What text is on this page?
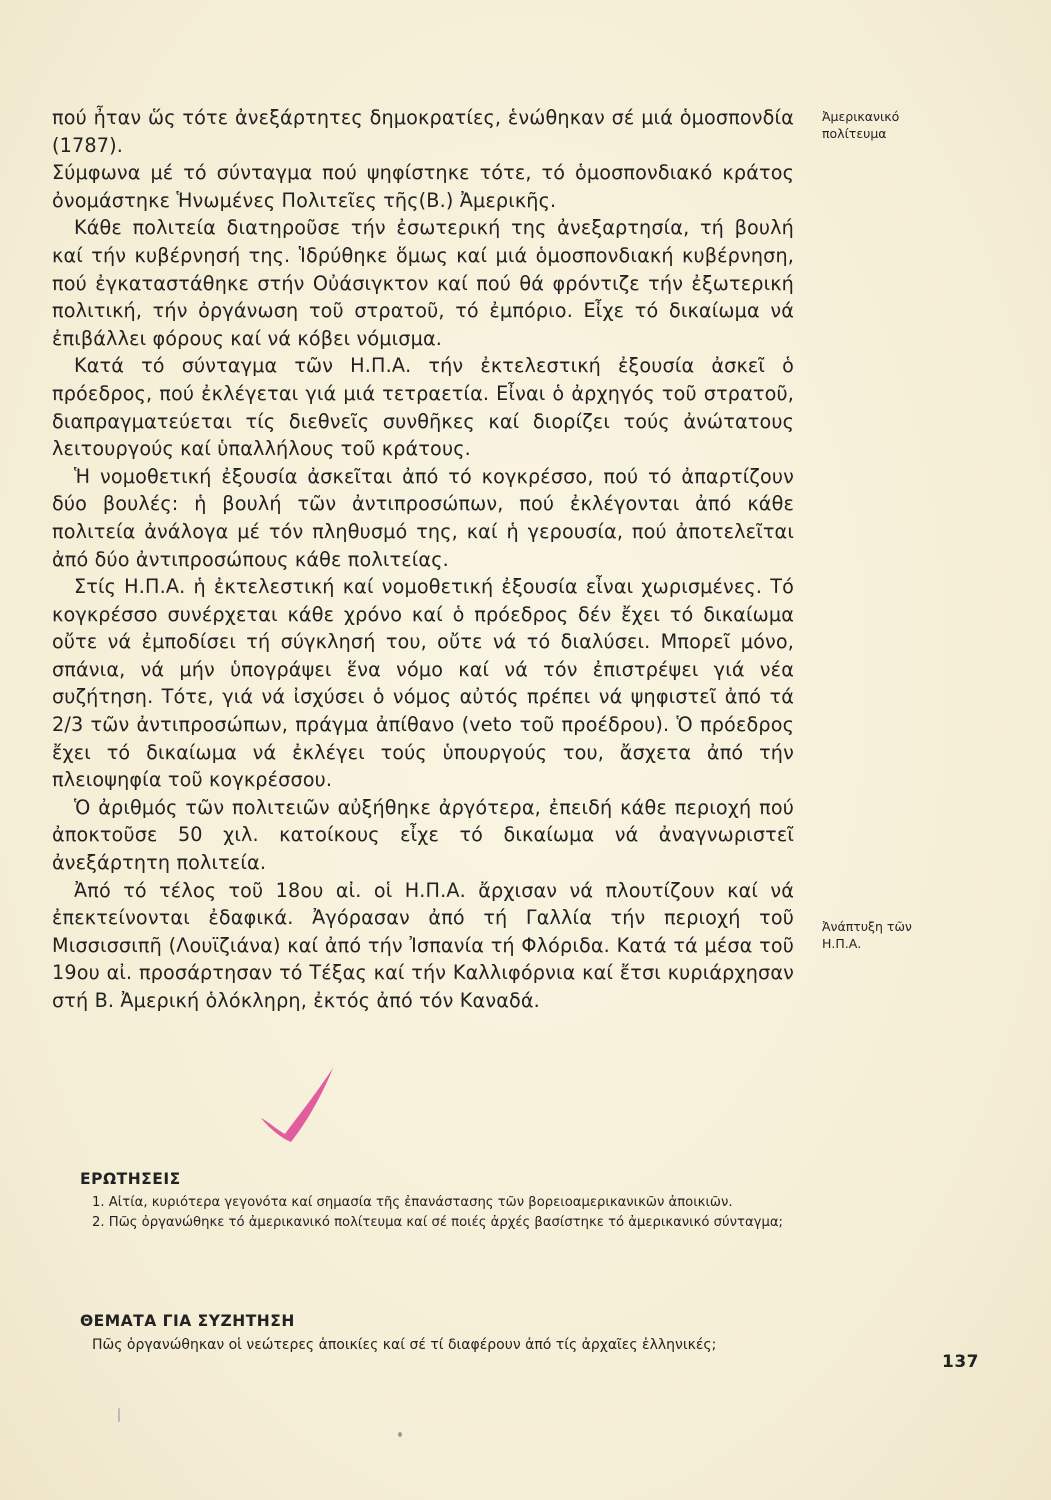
πού ἦταν ὥς τότε ἀνεξάρτητες δημοκρατίες, ἑνώθηκαν σέ μιά ὁμοσπονδία (1787).

Σύμφωνα μέ τό σύνταγμα πού ψηφίστηκε τότε, τό ὁμοσπονδιακό κράτος ὀνομάστηκε Ἡνωμένες Πολιτεῖες τῆς(Β.) Ἀμερικῆς.

Κάθε πολιτεία διατηροῦσε τήν ἐσωτερική της ἀνεξαρτησία, τή βουλή καί τήν κυβέρνησή της. Ἱδρύθηκε ὅμως καί μιά ὁμοσπονδιακή κυβέρνηση, πού ἐγκαταστάθηκε στήν Οὐάσιγκτον καί πού θά φρόντιζε τήν ἐξωτερική πολιτική, τήν ὀργάνωση τοῦ στρατοῦ, τό ἐμπόριο. Εἶχε τό δικαίωμα νά ἐπιβάλλει φόρους καί νά κόβει νόμισμα.

Κατά τό σύνταγμα τῶν Η.Π.Α. τήν ἐκτελεστική ἐξουσία ἀσκεῖ ὁ πρόεδρος, πού ἐκλέγεται γιά μιά τετραετία. Εἶναι ὁ ἀρχηγός τοῦ στρατοῦ, διαπραγματεύεται τίς διεθνεῖς συνθῆκες καί διορίζει τούς ἀνώτατους λειτουργούς καί ὑπαλλήλους τοῦ κράτους.

Ἡ νομοθετική ἐξουσία ἀσκεῖται ἀπό τό κογκρέσσο, πού τό ἀπαρτίζουν δύο βουλές: ἡ βουλή τῶν ἀντιπροσώπων, πού ἐκλέγονται ἀπό κάθε πολιτεία ἀνάλογα μέ τόν πληθυσμό της, καί ἡ γερουσία, πού ἀποτελεῖται ἀπό δύο ἀντιπροσώπους κάθε πολιτείας.

Στίς Η.Π.Α. ἡ ἐκτελεστική καί νομοθετική ἐξουσία εἶναι χωρισμένες. Τό κογκρέσσο συνέρχεται κάθε χρόνο καί ὁ πρόεδρος δέν ἔχει τό δικαίωμα οὔτε νά ἐμποδίσει τή σύγκλησή του, οὔτε νά τό διαλύσει. Μπορεῖ μόνο, σπάνια, νά μήν ὑπογράψει ἕνα νόμο καί νά τόν ἐπιστρέψει γιά νέα συζήτηση. Τότε, γιά νά ἰσχύσει ὁ νόμος αὐτός πρέπει νά ψηφιστεῖ ἀπό τά 2/3 τῶν ἀντιπροσώπων, πράγμα ἀπίθανο (veto τοῦ προέδρου). Ὁ πρόεδρος ἔχει τό δικαίωμα νά ἐκλέγει τούς ὑπουργούς του, ἄσχετα ἀπό τήν πλειοψηφία τοῦ κογκρέσσου.

Ὁ ἀριθμός τῶν πολιτειῶν αὐξήθηκε ἀργότερα, ἐπειδή κάθε περιοχή πού ἀποκτοῦσε 50 χιλ. κατοίκους εἶχε τό δικαίωμα νά ἀναγνωριστεῖ ἀνεξάρτητη πολιτεία.

Ἀπό τό τέλος τοῦ 18ου αἰ. οἱ Η.Π.Α. ἄρχισαν νά πλουτίζουν καί νά ἐπεκτείνονται ἐδαφικά. Ἀγόρασαν ἀπό τή Γαλλία τήν περιοχή τοῦ Μισσισσιπῆ (Λουϊζιάνα) καί ἀπό τήν Ἰσπανία τή Φλόριδα. Κατά τά μέσα τοῦ 19ου αἰ. προσάρτησαν τό Τέξας καί τήν Καλλιφόρνια καί ἔτσι κυριάρχησαν στή Β. Ἀμερική ὁλόκληρη, ἐκτός ἀπό τόν Καναδά.

Ἀμερικανικό πολίτευμα
Ἀνάπτυξη τῶν Η.Π.Α.
ΕΡΩΤΗΣΕΙΣ

1. Αἰτία, κυριότερα γεγονότα καί σημασία τῆς ἐπανάστασης τῶν βορειοαμερικανικῶν ἀποικιῶν.

2. Πῶς ὀργανώθηκε τό ἀμερικανικό πολίτευμα καί σέ ποιές ἀρχές βασίστηκε τό ἀμερικανικό σύνταγμα;

ΘΕΜΑΤΑ ΓΙΑ ΣΥΖΗΤΗΣΗ
Πῶς ὀργανώθηκαν οἱ νεώτερες ἀποικίες καί σέ τί διαφέρουν ἀπό τίς ἀρχαῖες ἑλληνικές;
137
